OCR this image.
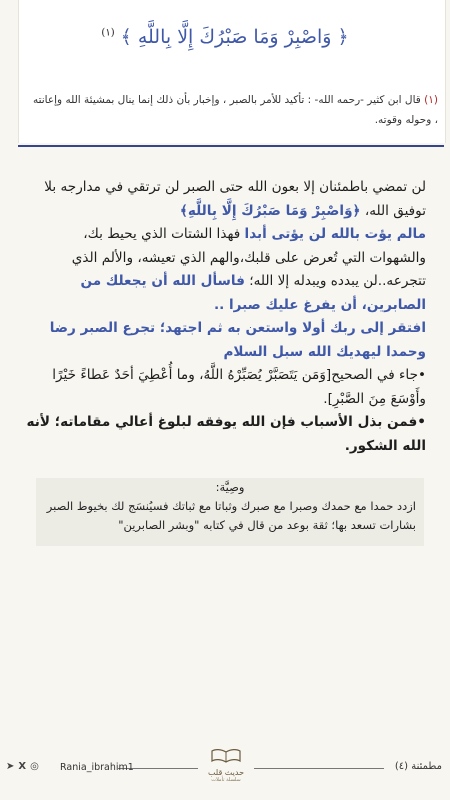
﴿ وَاصْبِرْ وَمَا صَبْرُكَ إِلَّا بِاللَّهِ ﴾ $^{(١)}$
(١) قال ابن كثير -رحمه الله- : تأكيد للأمر بالصبر ، وإخبار بأن ذلك إنما ينال بمشيئة الله وإعانته ، وحوله وقوته.

لن تمضي باطمئنان إلا بعون الله حتى الصبر لن ترتقي في مدارجه بلا توفيق الله، ﴿وَاصْبِرْ وَمَا صَبْرُكَ إِلَّا بِاللَّهِ﴾

مالم يؤت بالله لن يؤتى أبدا فهذا الشتات الذي يحيط بك، والشهوات التي تُعرض على قلبك،والهم الذي تعيشه، والألم الذي تتجرعه..لن يبدده ويبدله إلا الله؛ فاسأل الله أن يجعلك من الصابرين، أن يفرغ عليك صبرا ..

افتقر إلى ربك أولا واستعن به ثم اجتهد؛ تجرع الصبر رضا وحمدا ليهديك الله سبل السلام

•جاء في الصحيح[وَمَن يَتَصَبَّرْ يُصَبِّرْهُ اللَّهُ، وما أُعْطِيَ أحَدٌ عَطاءً خَيْرًا وأَوْسَعَ مِنَ الصَّبْرِ].

•فمن بذل الأسباب فإن الله يوفقه لبلوغ أعالي مقاماته؛ لأنه الله الشكور.

وصِيَّة:
ازدد حمدا مع حمدك وصبرا مع صبرك وثباتا مع ثباتك فسيُنسَج لك بخيوط الصبر بشارات تسعد بها؛ ثقة بوعد من قال في كتابه "وبشر الصابرين"
➤ X ◎ Rania_ibrahim1	حديث قلب
سلسلة تأملات
مطمئنة (٤)
